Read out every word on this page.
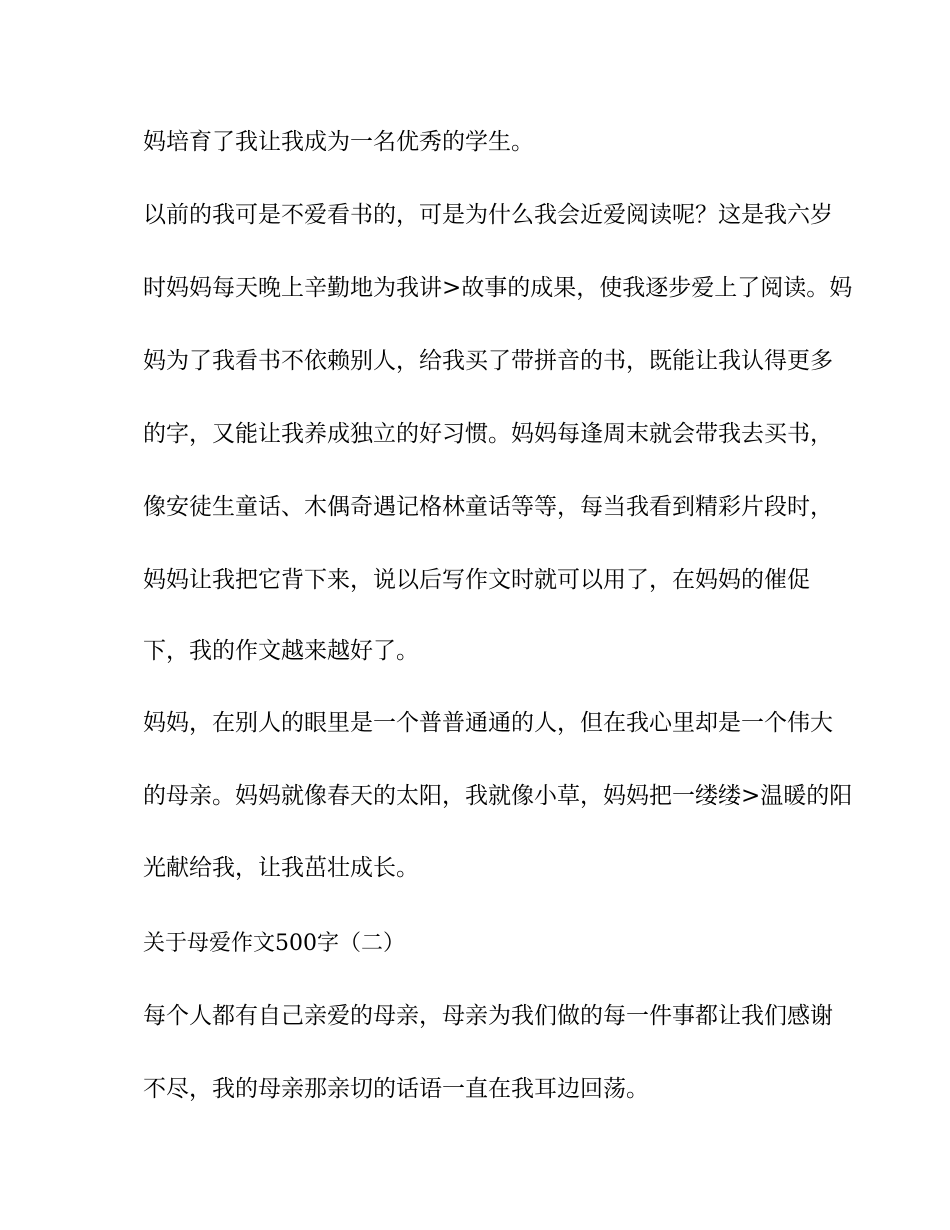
妈培育了我让我成为一名优秀的学生。
以前的我可是不爱看书的，可是为什么我会近爱阅读呢？这是我六岁
时妈妈每天晚上辛勤地为我讲>故事的成果，使我逐步爱上了阅读。妈
妈为了我看书不依赖别人，给我买了带拼音的书，既能让我认得更多
的字，又能让我养成独立的好习惯。妈妈每逢周末就会带我去买书，
像安徒生童话、木偶奇遇记格林童话等等，每当我看到精彩片段时，
妈妈让我把它背下来，说以后写作文时就可以用了，在妈妈的催促
下，我的作文越来越好了。
妈妈，在别人的眼里是一个普普通通的人，但在我心里却是一个伟大
的母亲。妈妈就像春天的太阳，我就像小草，妈妈把一缕缕>温暖的阳
光献给我，让我茁壮成长。
关于母爱作文500字（二）
每个人都有自己亲爱的母亲，母亲为我们做的每一件事都让我们感谢
不尽，我的母亲那亲切的话语一直在我耳边回荡。
